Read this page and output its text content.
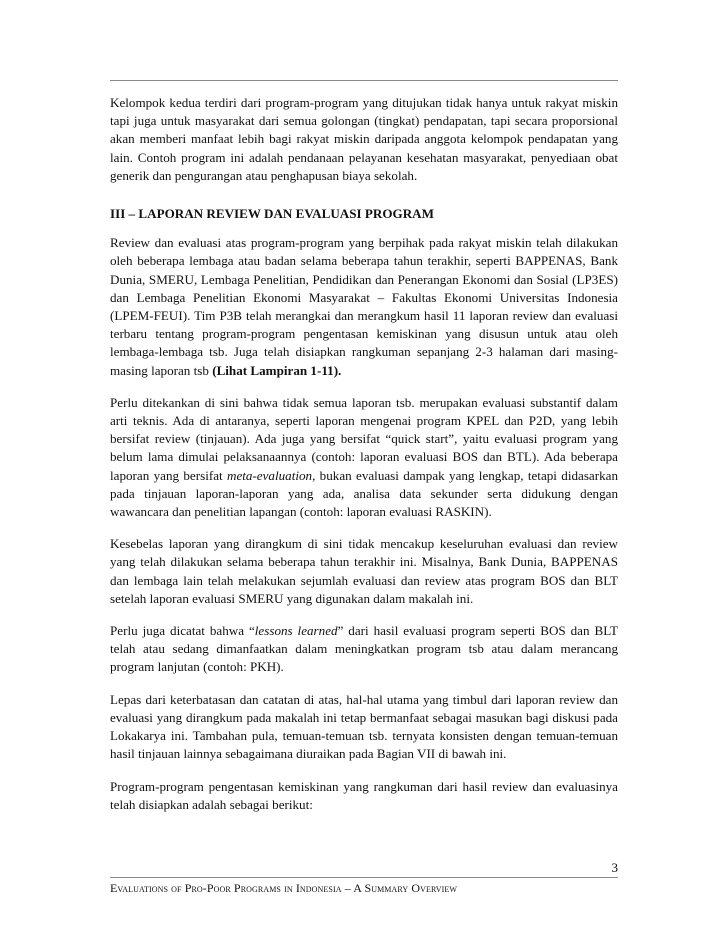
Kelompok kedua terdiri dari program-program yang ditujukan tidak hanya untuk rakyat miskin tapi juga untuk masyarakat dari semua golongan (tingkat) pendapatan, tapi secara proporsional akan memberi manfaat lebih bagi rakyat miskin daripada anggota kelompok pendapatan yang lain. Contoh program ini adalah pendanaan pelayanan kesehatan masyarakat, penyediaan obat generik dan pengurangan atau penghapusan biaya sekolah.

III – LAPORAN REVIEW DAN EVALUASI PROGRAM

Review dan evaluasi atas program-program yang berpihak pada rakyat miskin telah dilakukan oleh beberapa lembaga atau badan selama beberapa tahun terakhir, seperti BAPPENAS, Bank Dunia, SMERU, Lembaga Penelitian, Pendidikan dan Penerangan Ekonomi dan Sosial (LP3ES) dan Lembaga Penelitian Ekonomi Masyarakat – Fakultas Ekonomi Universitas Indonesia (LPEM-FEUI). Tim P3B telah merangkai dan merangkum hasil 11 laporan review dan evaluasi terbaru tentang program-program pengentasan kemiskinan yang disusun untuk atau oleh lembaga-lembaga tsb. Juga telah disiapkan rangkuman sepanjang 2-3 halaman dari masing-masing laporan tsb (Lihat Lampiran 1-11).

Perlu ditekankan di sini bahwa tidak semua laporan tsb. merupakan evaluasi substantif dalam arti teknis. Ada di antaranya, seperti laporan mengenai program KPEL dan P2D, yang lebih bersifat review (tinjauan). Ada juga yang bersifat “quick start”, yaitu evaluasi program yang belum lama dimulai pelaksanaannya (contoh: laporan evaluasi BOS dan BTL). Ada beberapa laporan yang bersifat meta-evaluation, bukan evaluasi dampak yang lengkap, tetapi didasarkan pada tinjauan laporan-laporan yang ada, analisa data sekunder serta didukung dengan wawancara dan penelitian lapangan (contoh: laporan evaluasi RASKIN).

Kesebelas laporan yang dirangkum di sini tidak mencakup keseluruhan evaluasi dan review yang telah dilakukan selama beberapa tahun terakhir ini. Misalnya, Bank Dunia, BAPPENAS dan lembaga lain telah melakukan sejumlah evaluasi dan review atas program BOS dan BLT setelah laporan evaluasi SMERU yang digunakan dalam makalah ini.

Perlu juga dicatat bahwa “lessons learned” dari hasil evaluasi program seperti BOS dan BLT telah atau sedang dimanfaatkan dalam meningkatkan program tsb atau dalam merancang program lanjutan (contoh: PKH).

Lepas dari keterbatasan dan catatan di atas, hal-hal utama yang timbul dari laporan review dan evaluasi yang dirangkum pada makalah ini tetap bermanfaat sebagai masukan bagi diskusi pada Lokakarya ini. Tambahan pula, temuan-temuan tsb. ternyata konsisten dengan temuan-temuan hasil tinjauan lainnya sebagaimana diuraikan pada Bagian VII di bawah ini.

Program-program pengentasan kemiskinan yang rangkuman dari hasil review dan evaluasinya telah disiapkan adalah sebagai berikut:

3
Evaluations of Pro-Poor Programs in Indonesia – A Summary Overview
